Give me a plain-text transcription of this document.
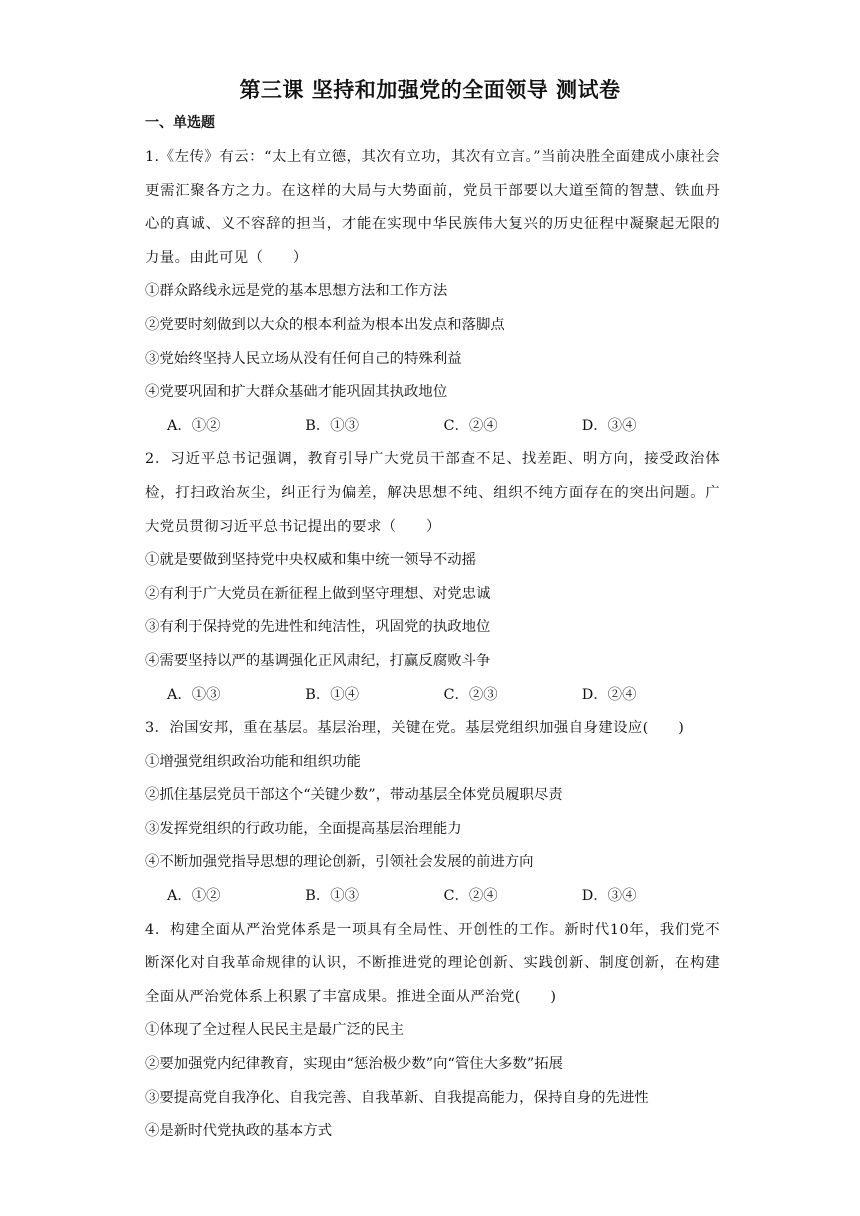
第三课 坚持和加强党的全面领导 测试卷
一、单选题
1.《左传》有云：“太上有立德，其次有立功，其次有立言。”当前决胜全面建成小康社会更需汇聚各方之力。在这样的大局与大势面前，党员干部要以大道至简的智慧、铁血丹心的真诚、义不容辞的担当，才能在实现中华民族伟大复兴的历史征程中凝聚起无限的力量。由此可见（　　）
①群众路线永远是党的基本思想方法和工作方法
②党要时刻做到以大众的根本利益为根本出发点和落脚点
③党始终坚持人民立场从没有任何自己的特殊利益
④党要巩固和扩大群众基础才能巩固其执政地位
A．①②	B．①③	C．②④	D．③④
2．习近平总书记强调，教育引导广大党员干部查不足、找差距、明方向，接受政治体检，打扫政治灰尘，纠正行为偏差，解决思想不纯、组织不纯方面存在的突出问题。广大党员贯彻习近平总书记提出的要求（　　）
①就是要做到坚持党中央权威和集中统一领导不动摇
②有利于广大党员在新征程上做到坚守理想、对党忠诚
③有利于保持党的先进性和纯洁性，巩固党的执政地位
④需要坚持以严的基调强化正风肃纪，打赢反腐败斗争
A．①③	B．①④	C．②③	D．②④
3．治国安邦，重在基层。基层治理，关键在党。基层党组织加强自身建设应(　　)
①增强党组织政治功能和组织功能
②抓住基层党员干部这个“关键少数”，带动基层全体党员履职尽责
③发挥党组织的行政功能，全面提高基层治理能力
④不断加强党指导思想的理论创新，引领社会发展的前进方向
A．①②	B．①③	C．②④	D．③④
4．构建全面从严治党体系是一项具有全局性、开创性的工作。新时代10年，我们党不断深化对自我革命规律的认识，不断推进党的理论创新、实践创新、制度创新，在构建全面从严治党体系上积累了丰富成果。推进全面从严治党(　　)
①体现了全过程人民民主是最广泛的民主
②要加强党内纪律教育，实现由“惩治极少数”向“管住大多数”拓展
③要提高党自我净化、自我完善、自我革新、自我提高能力，保持自身的先进性
④是新时代党执政的基本方式
